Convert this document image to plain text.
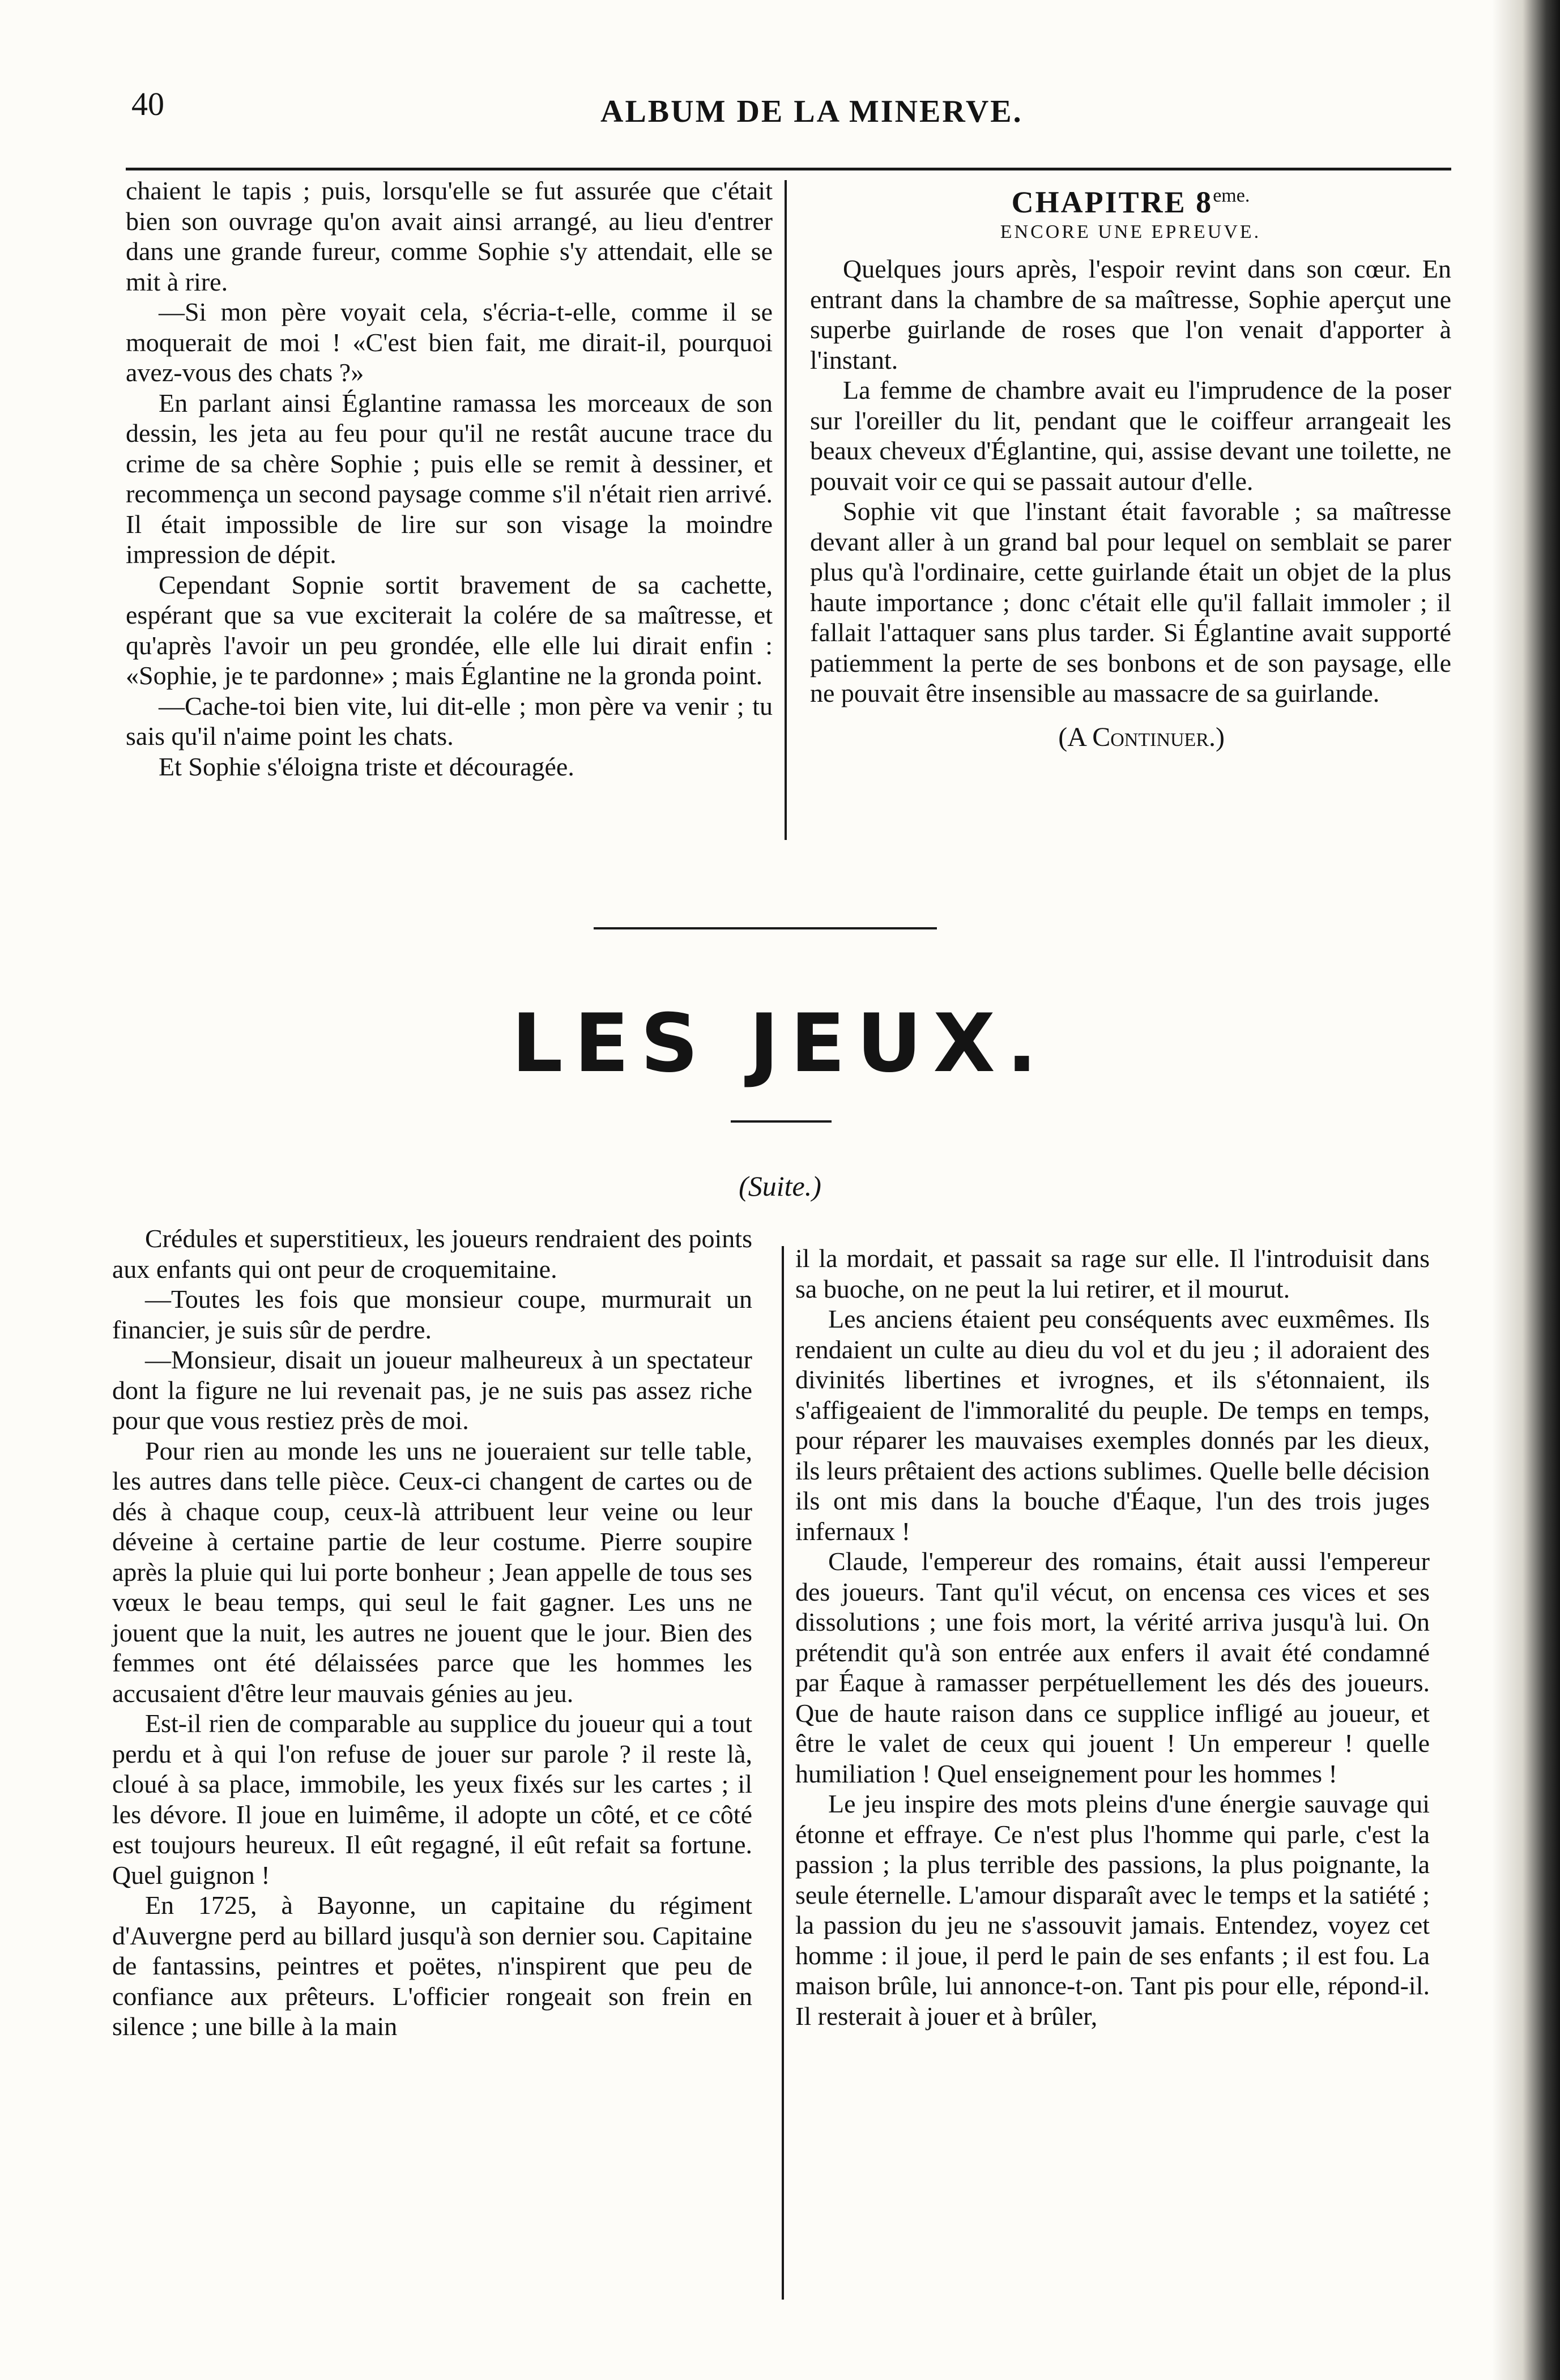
40	ALBUM DE LA MINERVE.

chaient le tapis ; puis, lorsqu'elle se fut assurée que c'était bien son ouvrage qu'on avait ainsi arrangé, au lieu d'entrer dans une grande fureur, comme Sophie s'y attendait, elle se mit à rire.

—Si mon père voyait cela, s'écria-t-elle, comme il se moquerait de moi ! «C'est bien fait, me dirait-il, pourquoi avez-vous des chats ?»

En parlant ainsi Églantine ramassa les morceaux de son dessin, les jeta au feu pour qu'il ne restât aucune trace du crime de sa chère Sophie ; puis elle se remit à dessiner, et recommença un second paysage comme s'il n'était rien arrivé. Il était impossible de lire sur son visage la moindre impression de dépit.

Cependant Sopnie sortit bravement de sa cachette, espérant que sa vue exciterait la colére de sa maîtresse, et qu'après l'avoir un peu grondée, elle elle lui dirait enfin : «Sophie, je te pardonne» ; mais Églantine ne la gronda point.

—Cache-toi bien vite, lui dit-elle ; mon père va venir ; tu sais qu'il n'aime point les chats.

Et Sophie s'éloigna triste et découragée.

CHAPITRE $8^{eme.}$
ENCORE UNE EPREUVE.

Quelques jours après, l'espoir revint dans son cœur. En entrant dans la chambre de sa maîtresse, Sophie aperçut une superbe guirlande de roses que l'on venait d'apporter à l'instant.

La femme de chambre avait eu l'imprudence de la poser sur l'oreiller du lit, pendant que le coiffeur arrangeait les beaux cheveux d'Églantine, qui, assise devant une toilette, ne pouvait voir ce qui se passait autour d'elle.

Sophie vit que l'instant était favorable ; sa maîtresse devant aller à un grand bal pour lequel on semblait se parer plus qu'à l'ordinaire, cette guirlande était un objet de la plus haute importance ; donc c'était elle qu'il fallait immoler ; il fallait l'attaquer sans plus tarder. Si Églantine avait supporté patiemment la perte de ses bonbons et de son paysage, elle ne pouvait être insensible au massacre de sa guirlande.

(A Continuer.)
LES JEUX.
(Suite.)

Crédules et superstitieux, les joueurs rendraient des points aux enfants qui ont peur de croquemitaine.

—Toutes les fois que monsieur coupe, murmurait un financier, je suis sûr de perdre.

—Monsieur, disait un joueur malheureux à un spectateur dont la figure ne lui revenait pas, je ne suis pas assez riche pour que vous restiez près de moi.

Pour rien au monde les uns ne joueraient sur telle table, les autres dans telle pièce. Ceux-ci changent de cartes ou de dés à chaque coup, ceux-là attribuent leur veine ou leur déveine à certaine partie de leur costume. Pierre soupire après la pluie qui lui porte bonheur ; Jean appelle de tous ses vœux le beau temps, qui seul le fait gagner. Les uns ne jouent que la nuit, les autres ne jouent que le jour. Bien des femmes ont été délaissées parce que les hommes les accusaient d'être leur mauvais génies au jeu.

Est-il rien de comparable au supplice du joueur qui a tout perdu et à qui l'on refuse de jouer sur parole ? il reste là, cloué à sa place, immobile, les yeux fixés sur les cartes ; il les dévore. Il joue en luimême, il adopte un côté, et ce côté est toujours heureux. Il eût regagné, il eût refait sa fortune. Quel guignon !

En 1725, à Bayonne, un capitaine du régiment d'Auvergne perd au billard jusqu'à son dernier sou. Capitaine de fantassins, peintres et poëtes, n'inspirent que peu de confiance aux prêteurs. L'officier rongeait son frein en silence ; une bille à la main

il la mordait, et passait sa rage sur elle. Il l'introduisit dans sa buoche, on ne peut la lui retirer, et il mourut.

Les anciens étaient peu conséquents avec euxmêmes. Ils rendaient un culte au dieu du vol et du jeu ; il adoraient des divinités libertines et ivrognes, et ils s'étonnaient, ils s'affigeaient de l'immoralité du peuple. De temps en temps, pour réparer les mauvaises exemples donnés par les dieux, ils leurs prêtaient des actions sublimes. Quelle belle décision ils ont mis dans la bouche d'Éaque, l'un des trois juges infernaux !

Claude, l'empereur des romains, était aussi l'empereur des joueurs. Tant qu'il vécut, on encensa ces vices et ses dissolutions ; une fois mort, la vérité arriva jusqu'à lui. On prétendit qu'à son entrée aux enfers il avait été condamné par Éaque à ramasser perpétuellement les dés des joueurs. Que de haute raison dans ce supplice infligé au joueur, et être le valet de ceux qui jouent ! Un empereur ! quelle humiliation ! Quel enseignement pour les hommes !

Le jeu inspire des mots pleins d'une énergie sauvage qui étonne et effraye. Ce n'est plus l'homme qui parle, c'est la passion ; la plus terrible des passions, la plus poignante, la seule éternelle. L'amour disparaît avec le temps et la satiété ; la passion du jeu ne s'assouvit jamais. Entendez, voyez cet homme : il joue, il perd le pain de ses enfants ; il est fou. La maison brûle, lui annonce-t-on. Tant pis pour elle, répond-il. Il resterait à jouer et à brûler,
